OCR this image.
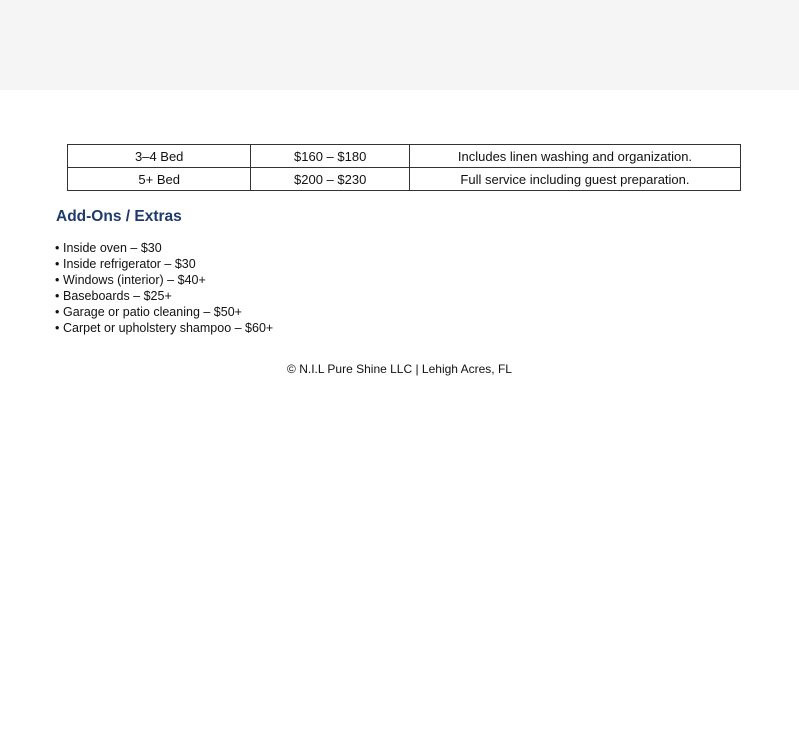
3–4 Bed	$160 – $180	Includes linen washing and organization.
5+ Bed	$200 – $230	Full service including guest preparation.
Add-Ons / Extras
• Inside oven – $30
• Inside refrigerator – $30
• Windows (interior) – $40+
• Baseboards – $25+
• Garage or patio cleaning – $50+
• Carpet or upholstery shampoo – $60+
© N.I.L Pure Shine LLC | Lehigh Acres, FL
